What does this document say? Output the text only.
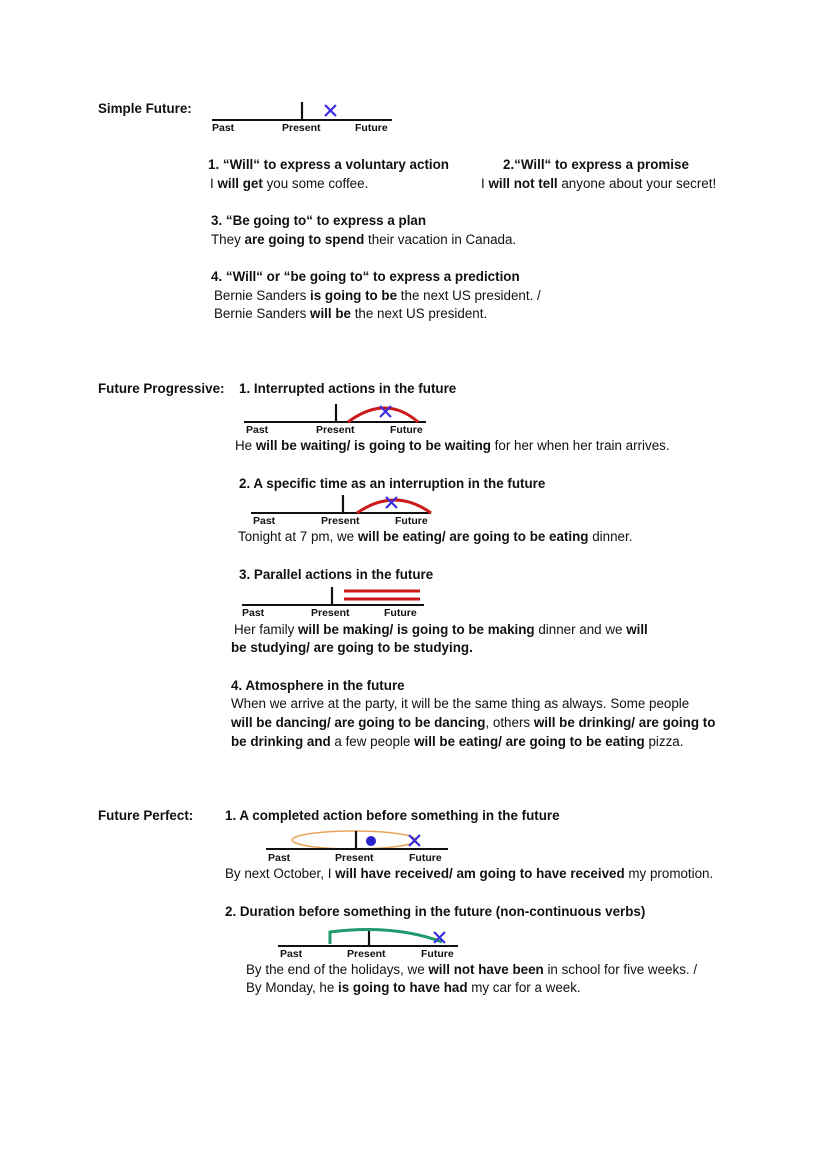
Simple Future:
Past	Present	Future
1. “Will“ to express a voluntary action
I will get you some coffee.
2.“Will“ to express a promise
I will not tell anyone about your secret!
3. “Be going to“ to express a plan
They are going to spend their vacation in Canada.
4. “Will“ or “be going to“ to express a prediction
Bernie Sanders is going to be the next US president. /
Bernie Sanders will be the next US president.
Future Progressive: 1. Interrupted actions in the future
Past	Present	Future
He will be waiting/ is going to be waiting for her when her train arrives.
2. A specific time as an interruption in the future
Past	Present	Future
Tonight at 7 pm, we will be eating/ are going to be eating dinner.
3. Parallel actions in the future
Past	Present	Future
Her family will be making/ is going to be making dinner and we will
be studying/ are going to be studying.
4. Atmosphere in the future
When we arrive at the party, it will be the same thing as always. Some people
will be dancing/ are going to be dancing, others will be drinking/ are going to
be drinking and a few people will be eating/ are going to be eating pizza.
Future Perfect: 1. A completed action before something in the future
Past	Present	Future
By next October, I will have received/ am going to have received my promotion.
2. Duration before something in the future (non-continuous verbs)
Past	Present	Future
By the end of the holidays, we will not have been in school for five weeks. /
By Monday, he is going to have had my car for a week.
